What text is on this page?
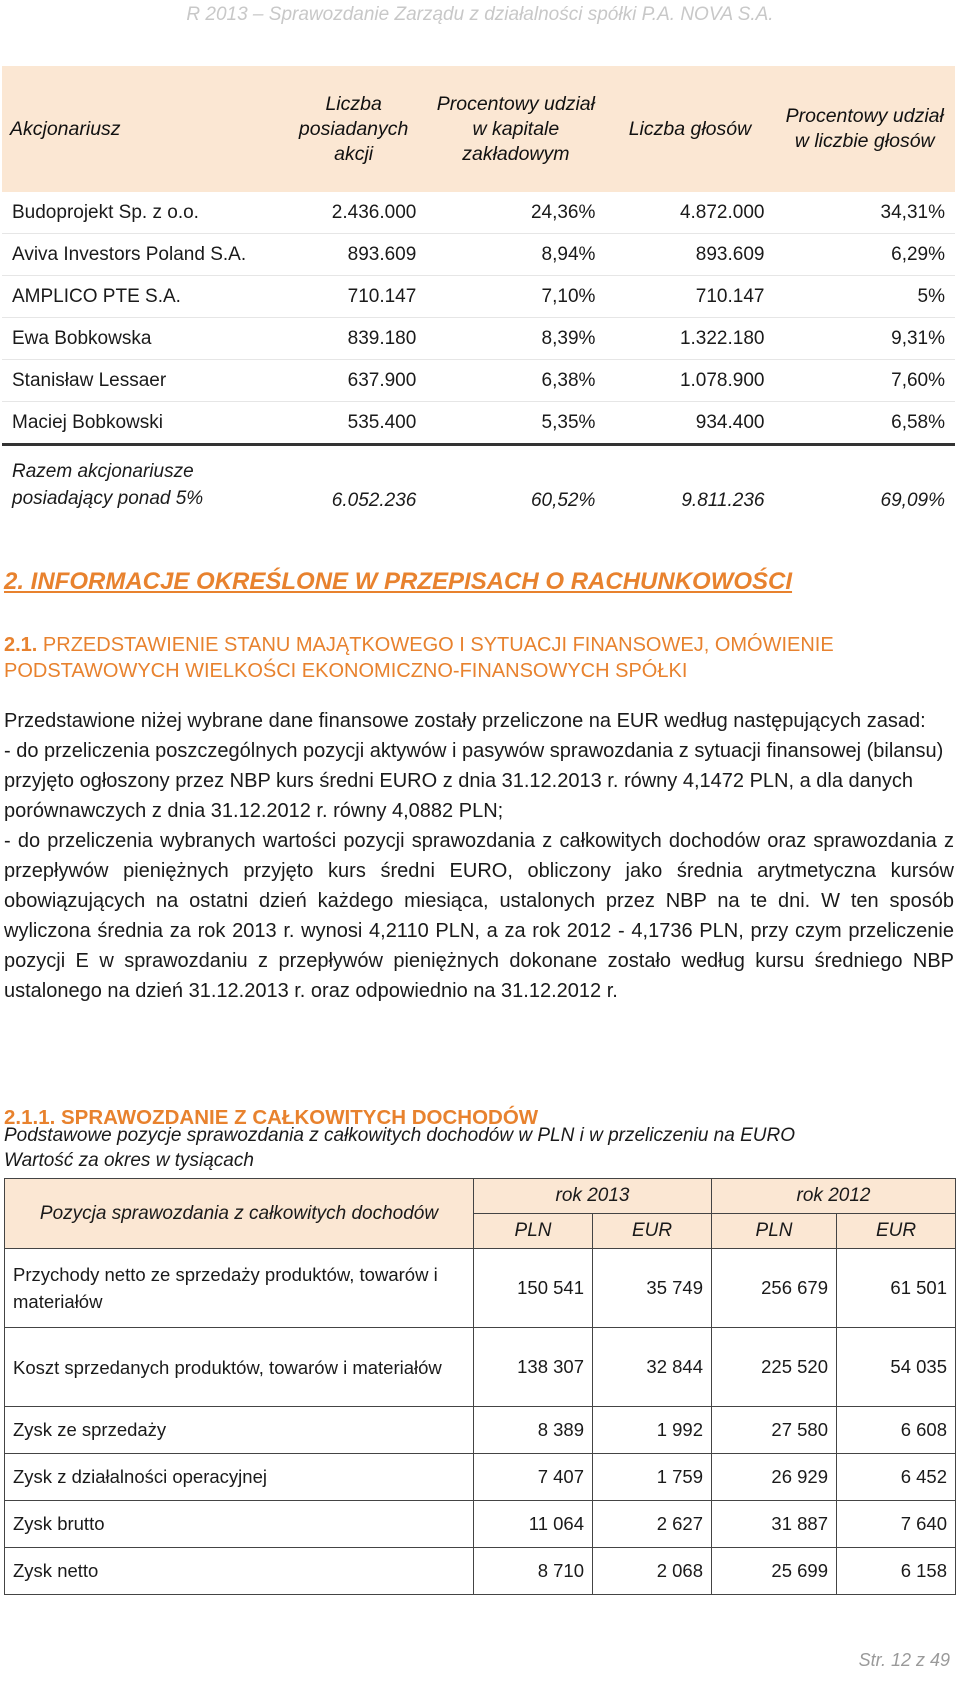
R 2013 – Sprawozdanie Zarządu z działalności spółki P.A. NOVA S.A.
Akcjonariusz	Liczba posiadanych akcji	Procentowy udział w kapitale zakładowym	Liczba głosów	Procentowy udział w liczbie głosów
Budoprojekt Sp. z o.o.	2.436.000	24,36%	4.872.000	34,31%
Aviva Investors Poland S.A.	893.609	8,94%	893.609	6,29%
AMPLICO PTE S.A.	710.147	7,10%	710.147	5%
Ewa Bobkowska	839.180	8,39%	1.322.180	9,31%
Stanisław Lessaer	637.900	6,38%	1.078.900	7,60%
Maciej Bobkowski	535.400	5,35%	934.400	6,58%
Razem akcjonariusze posiadający ponad 5%	6.052.236	60,52%	9.811.236	69,09%
2. INFORMACJE OKREŚLONE W PRZEPISACH O RACHUNKOWOŚCI
2.1. PRZEDSTAWIENIE STANU MAJĄTKOWEGO I SYTUACJI FINANSOWEJ, OMÓWIENIE PODSTAWOWYCH WIELKOŚCI EKONOMICZNO-FINANSOWYCH SPÓŁKI

Przedstawione niżej wybrane dane finansowe zostały przeliczone na EUR według następujących zasad:

- do przeliczenia poszczególnych pozycji aktywów i pasywów sprawozdania z sytuacji finansowej (bilansu) przyjęto ogłoszony przez NBP kurs średni EURO z dnia 31.12.2013 r. równy 4,1472 PLN, a dla danych porównawczych z dnia 31.12.2012 r. równy 4,0882 PLN;

- do przeliczenia wybranych wartości pozycji sprawozdania z całkowitych dochodów oraz sprawozdania z przepływów pieniężnych przyjęto kurs średni EURO, obliczony jako średnia arytmetyczna kursów obowiązujących na ostatni dzień każdego miesiąca, ustalonych przez NBP na te dni. W ten sposób wyliczona średnia za rok 2013 r. wynosi 4,2110 PLN, a za rok 2012 - 4,1736 PLN, przy czym przeliczenie pozycji E w sprawozdaniu z przepływów pieniężnych dokonane zostało według kursu średniego NBP ustalonego na dzień 31.12.2013 r. oraz odpowiednio na 31.12.2012 r.

2.1.1. SPRAWOZDANIE Z CAŁKOWITYCH DOCHODÓW
Podstawowe pozycje sprawozdania z całkowitych dochodów w PLN i w przeliczeniu na EURO
Wartość za okres w tysiącach
Pozycja sprawozdania z całkowitych dochodów	rok 2013		rok 2012	
	PLN	EUR	PLN	EUR
Przychody netto ze sprzedaży produktów, towarów i materiałów	150 541	35 749	256 679	61 501
Koszt sprzedanych produktów, towarów i materiałów	138 307	32 844	225 520	54 035
Zysk ze sprzedaży	8 389	1 992	27 580	6 608
Zysk z działalności operacyjnej	7 407	1 759	26 929	6 452
Zysk brutto	11 064	2 627	31 887	7 640
Zysk netto	8 710	2 068	25 699	6 158
Str. 12 z 49
